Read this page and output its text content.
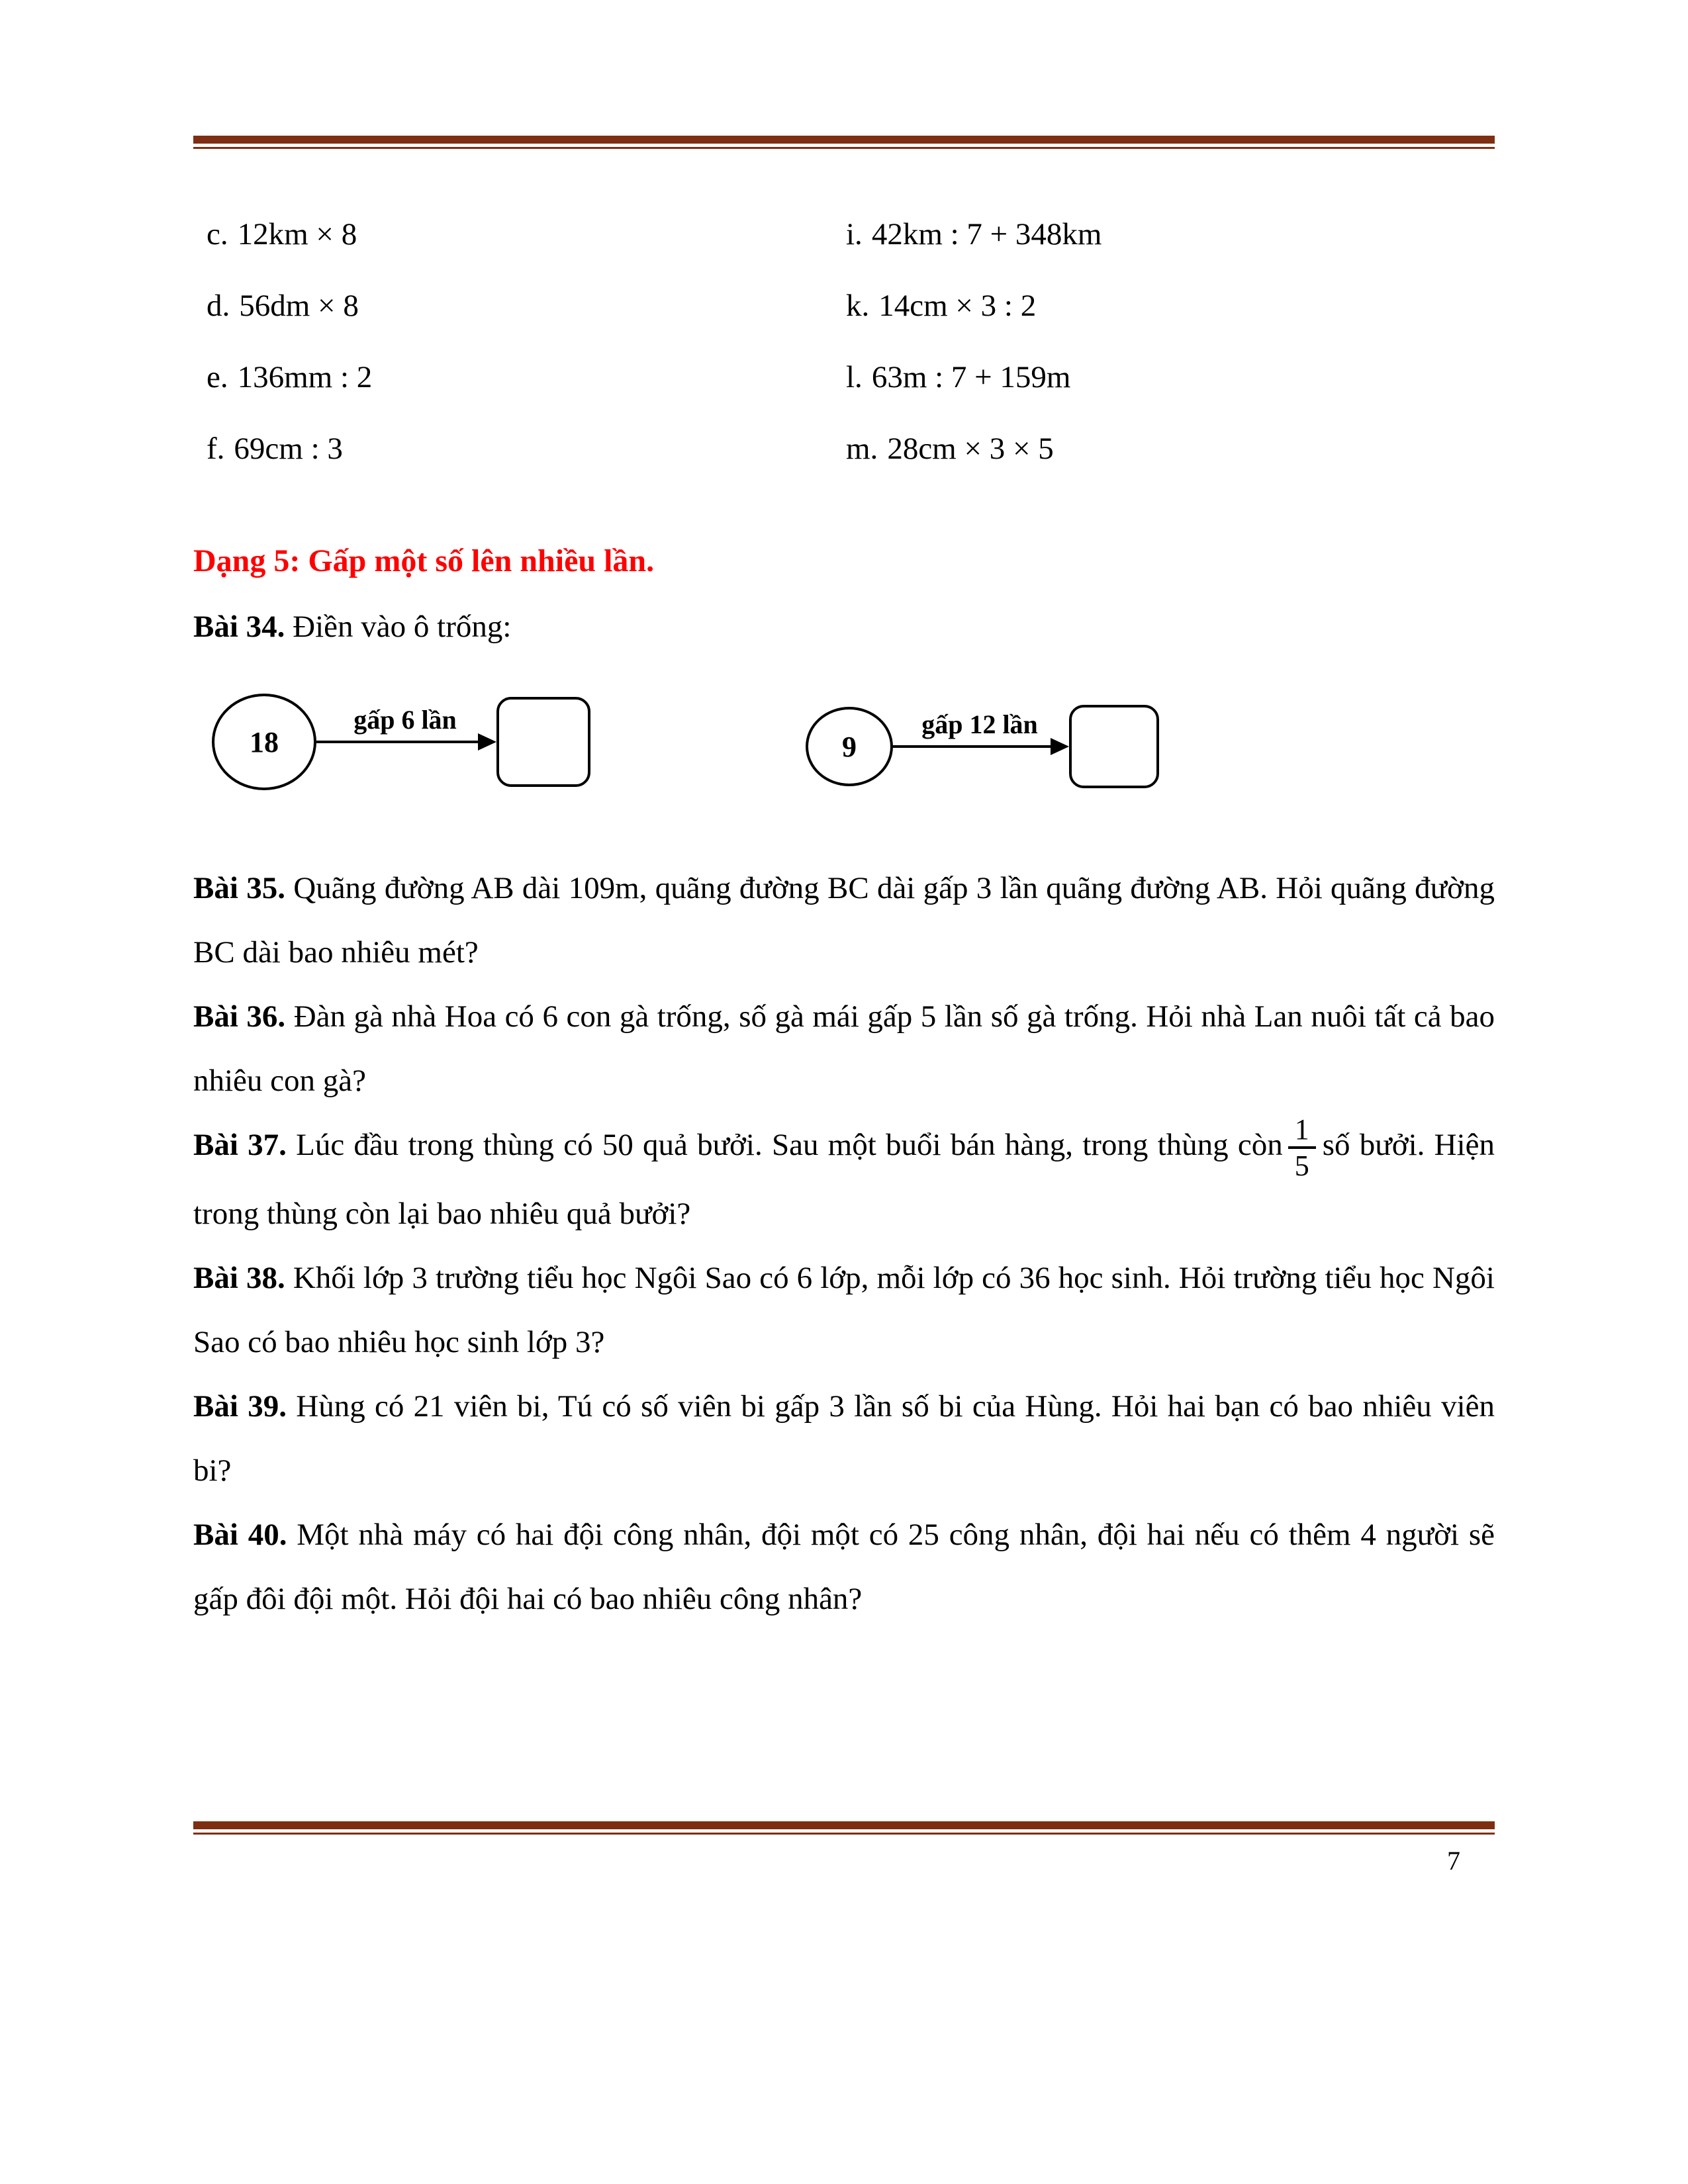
c. 12km × 8
d. 56dm × 8
e. 136mm : 2
f. 69cm : 3
i. 42km : 7 + 348km
k. 14cm × 3 : 2
l. 63m : 7 + 159m
m. 28cm × 3 × 5
Dạng 5: Gấp một số lên nhiều lần.
Bài 34. Điền vào ô trống:
18
gấp 6 lần
9
gấp 12 lần

Bài 35. Quãng đường AB dài 109m, quãng đường BC dài gấp 3 lần quãng đường AB. Hỏi quãng đường BC dài bao nhiêu mét?

Bài 36. Đàn gà nhà Hoa có 6 con gà trống, số gà mái gấp 5 lần số gà trống. Hỏi nhà Lan nuôi tất cả bao nhiêu con gà?

Bài 37. Lúc đầu trong thùng có 50 quả bưởi. Sau một buổi bán hàng, trong thùng còn $\frac{1}{5}$ số bưởi. Hiện trong thùng còn lại bao nhiêu quả bưởi?

Bài 38. Khối lớp 3 trường tiểu học Ngôi Sao có 6 lớp, mỗi lớp có 36 học sinh. Hỏi trường tiểu học Ngôi Sao có bao nhiêu học sinh lớp 3?

Bài 39. Hùng có 21 viên bi, Tú có số viên bi gấp 3 lần số bi của Hùng. Hỏi hai bạn có bao nhiêu viên bi?

Bài 40. Một nhà máy có hai đội công nhân, đội một có 25 công nhân, đội hai nếu có thêm 4 người sẽ gấp đôi đội một. Hỏi đội hai có bao nhiêu công nhân?

7
